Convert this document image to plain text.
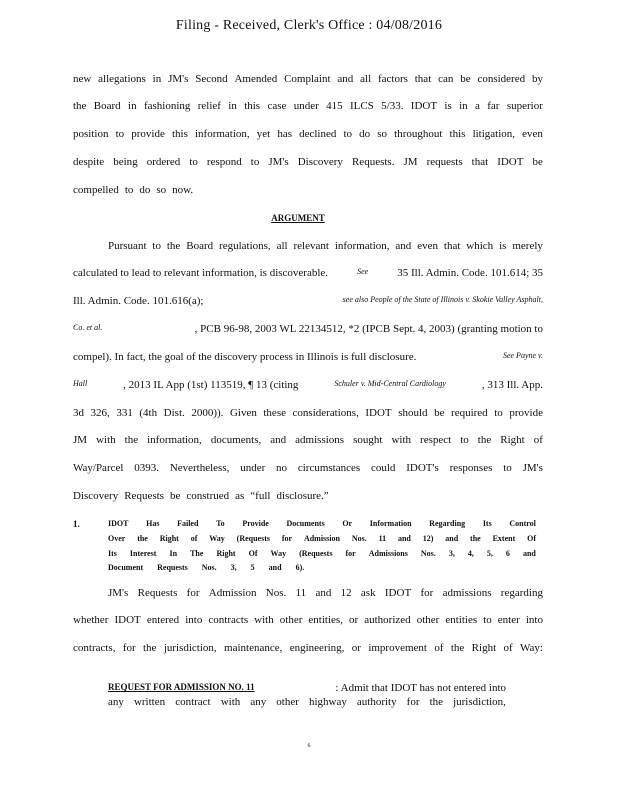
Filing - Received, Clerk's Office : 04/08/2016
new allegations in JM's Second Amended Complaint and all factors that can be considered by
the Board in fashioning relief in this case under 415 ILCS 5/33. IDOT is in a far superior
position to provide this information, yet has declined to do so throughout this litigation, even
despite being ordered to respond to JM's Discovery Requests. JM requests that IDOT be
compelled to do so now.
ARGUMENT
Pursuant to the Board regulations, all relevant information, and even that which is merely
calculated to lead to relevant information, is discoverable.	See	35 Ill. Admin. Code. 101.614; 35
Ill. Admin. Code. 101.616(a);	see also People of the State of Illinois v. Skokie Valley Asphalt,
Co. et al.	, PCB 96-98, 2003 WL 22134512, *2 (IPCB Sept. 4, 2003) (granting motion to
compel). In fact, the goal of the discovery process in Illinois is full disclosure.	See Payne v.
Hall	, 2013 IL App (1st) 113519, ¶ 13 (citing	Schuler v. Mid-Central Cardiology	, 313 Ill. App.
3d 326, 331 (4th Dist. 2000)). Given these considerations, IDOT should be required to provide
JM with the information, documents, and admissions sought with respect to the Right of
Way/Parcel 0393. Nevertheless, under no circumstances could IDOT's responses to JM's
Discovery Requests be construed as “full disclosure.”
1.	IDOT Has Failed To Provide Documents Or Information Regarding Its Control
Over the Right of Way (Requests for Admission Nos. 11 and 12) and the Extent Of
Its Interest In The Right Of Way (Requests for Admissions Nos. 3, 4, 5, 6 and
Document Requests Nos. 3, 5 and 6).
JM's Requests for Admission Nos. 11 and 12 ask IDOT for admissions regarding
whether IDOT entered into contracts with other entities, or authorized other entities to enter into
contracts, for the jurisdiction, maintenance, engineering, or improvement of the Right of Way:
REQUEST FOR ADMISSION NO. 11	: Admit that IDOT has not entered into
any written contract with any other highway authority for the jurisdiction,
6
